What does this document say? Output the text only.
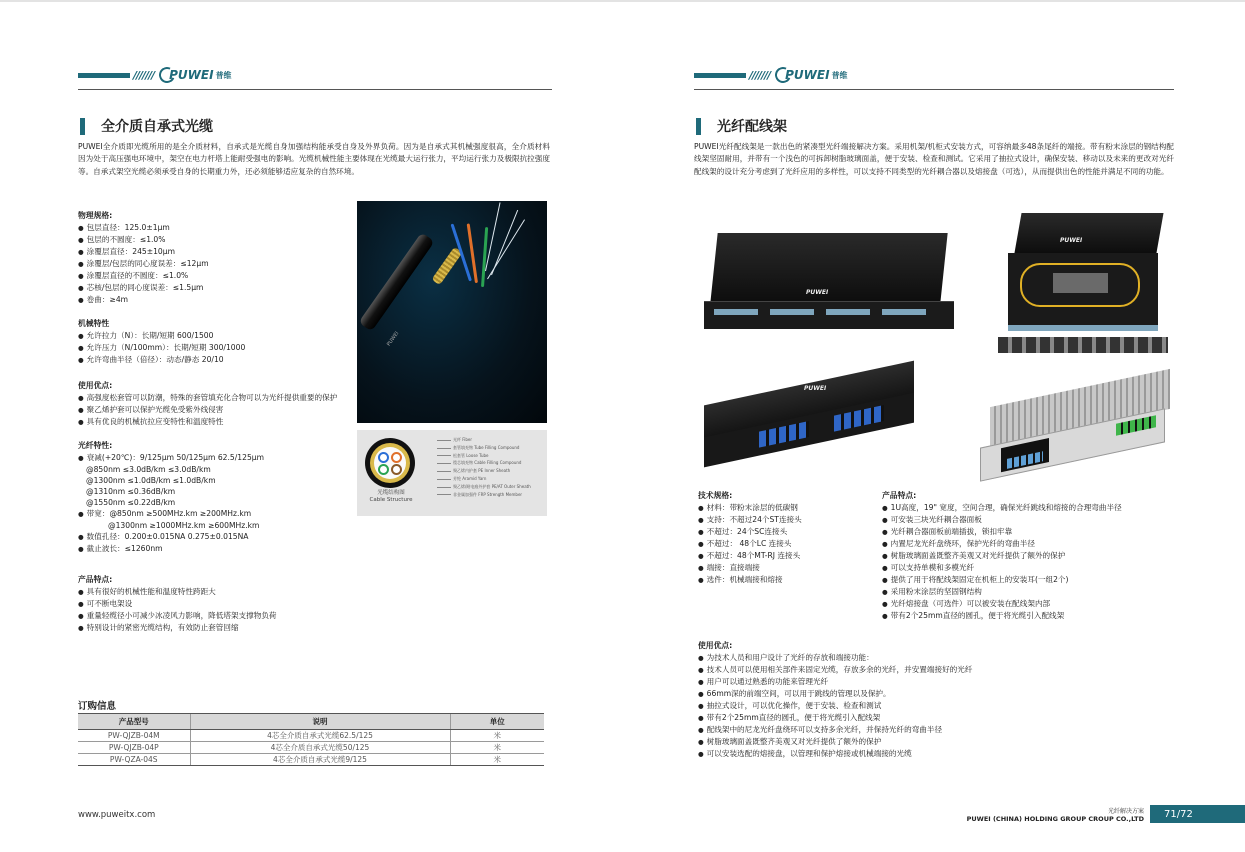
/////// PUWEI 普维
全介质自承式光缆
PUWEI全介质即光缆所用的是全介质材料，自承式是光缆自身加强结构能承受自身及外界负荷。因为是自承式其机械强度很高，全介质材料因为处于高压强电环境中，架空在电力杆塔上能耐受强电的影响。光缆机械性能主要体现在光缆最大运行张力，平均运行张力及极限抗拉强度等。自承式架空光缆必须承受自身的长期重力外，还必须能够适应复杂的自然环境。
物理规格:
● 包层直径：125.0±1µm
● 包层的不圆度：≤1.0%
● 涂覆层直径：245±10µm
● 涂覆层/包层的同心度误差：≤12µm
● 涂覆层直径的不圆度：≤1.0%
● 芯核/包层的同心度误差：≤1.5µm
● 卷曲：≥4m
机械特性
● 允许拉力（N）：长期/短期 600/1500
● 允许压力（N/100mm）：长期/短期 300/1000
● 允许弯曲半径（倍径）：动态/静态 20/10
使用优点:
● 高强度松套管可以防潮，特殊的套管填充化合物可以为光纤提供重要的保护
● 聚乙烯护套可以保护光缆免受紫外线侵害
● 具有优良的机械抗拉应变特性和温度特性
光纤特性:
● 衰减(+20℃)：9/125µm 50/125µm 62.5/125µm
@850nm ≤3.0dB/km ≤3.0dB/km
@1300nm ≤1.0dB/km ≤1.0dB/km
@1310nm ≤0.36dB/km
@1550nm ≤0.22dB/km
● 带宽：@850nm ≥500MHz.km ≥200MHz.km
@1300nm ≥1000MHz.km ≥600MHz.km
● 数值孔径：0.200±0.015NA 0.275±0.015NA
● 截止波长：≤1260nm
产品特点:
● 具有很好的机械性能和温度特性跨距大
● 可不断电架设
● 重量轻缆径小可减少冰凌风力影响，降低塔架支撑物负荷
● 特别设计的紧密光缆结构，有效防止套管回缩
PUWEI
光缆结构图
Cable Structure
光纤 Fiber
套管填充物 Tube Filling Compound
松套管 Loose Tube
缆芯填充物 Cable Filling Compound
聚乙烯内护套 PE Inner Sheath
芳纶 Aramid Yarn
聚乙烯/耐电痕外护套 PE/AT Outer Sheath
非金属加强件 FRP Strength Member
订购信息
产品型号	说明	单位
PW-QJZB-04M	4芯全介质自承式光缆62.5/125	米
PW-QJZB-04P	4芯全介质自承式光缆50/125	米
PW-QZA-04S	4芯全介质自承式光缆9/125	米
www.puweitx.com
/////// PUWEI 普维
光纤配线架
PUWEI光纤配线架是一款出色的紧凑型光纤端接解决方案。采用机架/机柜式安装方式，可容纳最多48条尾纤的端接。带有粉末涂层的钢结构配线架坚固耐用，并带有一个浅色的可拆卸树脂玻璃面盖，便于安装、检查和测试。它采用了抽拉式设计，确保安装、移动以及未来的更改对光纤配线架的设计充分考虑到了光纤应用的多样性，可以支持不同类型的光纤耦合器以及熔接盘（可选），从而提供出色的性能并满足不同的功能。
PUWEI
PUWEI
PUWEI
技术规格:
● 材料：带粉末涂层的低碳钢
● 支持：不超过24个ST连接头
● 不超过：24个SC连接头
● 不超过： 48个LC 连接头
● 不超过：48个MT-RJ 连接头
● 端接：直接端接
● 选件：机械端接和熔接
产品特点:
● 1U高度，19" 宽度，空间合理，确保光纤跳线和熔接的合理弯曲半径
● 可安装三块光纤耦合器面板
● 光纤耦合器面板前端插拔，锁扣牢靠
● 内置尼龙光纤盘绕环，保护光纤的弯曲半径
● 树脂玻璃面盖既整齐美观又对光纤提供了额外的保护
● 可以支持单模和多模光纤
● 提供了用于将配线架固定在机柜上的安装耳(一组2个)
● 采用粉末涂层的坚固钢结构
● 光纤熔接盘（可选件）可以被安装在配线架内部
● 带有2个25mm直径的圆孔，便于将光缆引入配线架
使用优点:
● 为技术人员和用户设计了光纤的存放和端接功能：
● 技术人员可以使用相关部件来固定光缆，存放多余的光纤，并安置端接好的光纤
● 用户可以通过熟悉的功能来管理光纤
● 66mm深的前端空间，可以用于跳线的管理以及保护。
● 抽拉式设计，可以优化操作，便于安装、检查和测试
● 带有2个25mm直径的圆孔，便于将光缆引入配线架
● 配线架中的尼龙光纤盘绕环可以支持多余光纤，并保持光纤的弯曲半径
● 树脂玻璃面盖既整齐美观又对光纤提供了额外的保护
● 可以安装选配的熔接盘，以管理和保护熔接或机械端接的光缆
光纤解决方案
PUWEI (CHINA) HOLDING GROUP CROUP CO.,LTD	71/72
